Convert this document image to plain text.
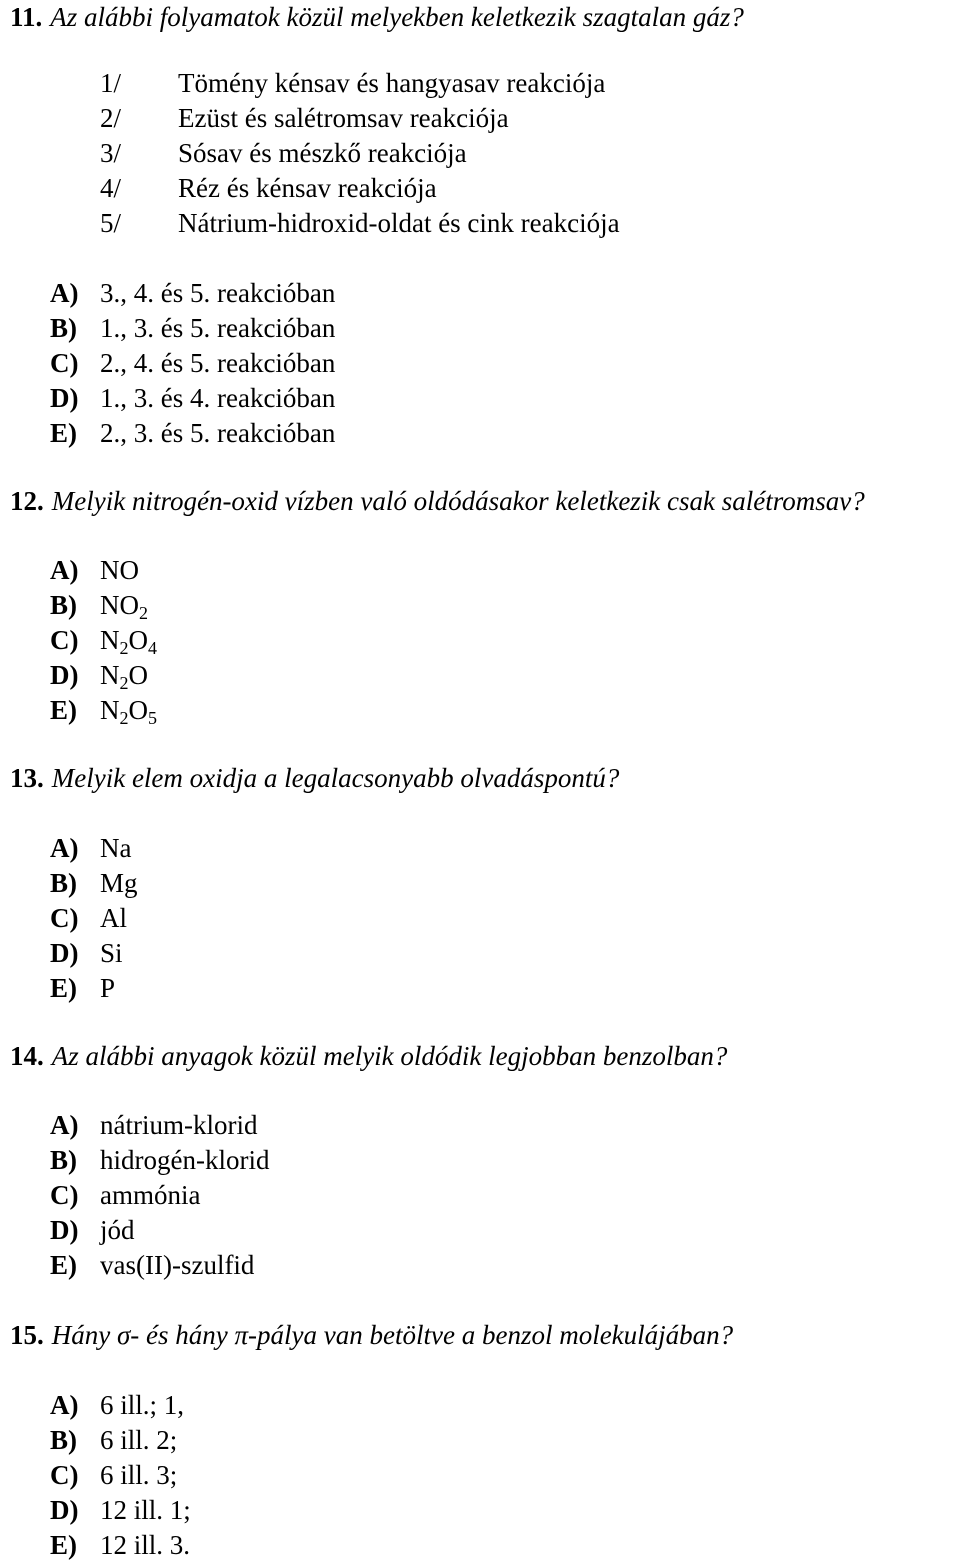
11. Az alábbi folyamatok közül melyekben keletkezik szagtalan gáz?
1/ Tömény kénsav és hangyasav reakciója
2/ Ezüst és salétromsav reakciója
3/ Sósav és mészkő reakciója
4/ Réz és kénsav reakciója
5/ Nátrium-hidroxid-oldat és cink reakciója
A) 3., 4. és 5. reakcióban
B) 1., 3. és 5. reakcióban
C) 2., 4. és 5. reakcióban
D) 1., 3. és 4. reakcióban
E) 2., 3. és 5. reakcióban
12. Melyik nitrogén-oxid vízben való oldódásakor keletkezik csak salétromsav?
A) NO
B) $NO_2$
C) $N_2O_4$
D) $N_2O$
E) $N_2O_5$
13. Melyik elem oxidja a legalacsonyabb olvadáspontú?
A) Na
B) Mg
C) Al
D) Si
E) P
14. Az alábbi anyagok közül melyik oldódik legjobban benzolban?
A) nátrium-klorid
B) hidrogén-klorid
C) ammónia
D) jód
E) vas(II)-szulfid
15. Hány σ- és hány π-pálya van betöltve a benzol molekulájában?
A) 6 ill.; 1,
B) 6 ill. 2;
C) 6 ill. 3;
D) 12 ill. 1;
E) 12 ill. 3.
